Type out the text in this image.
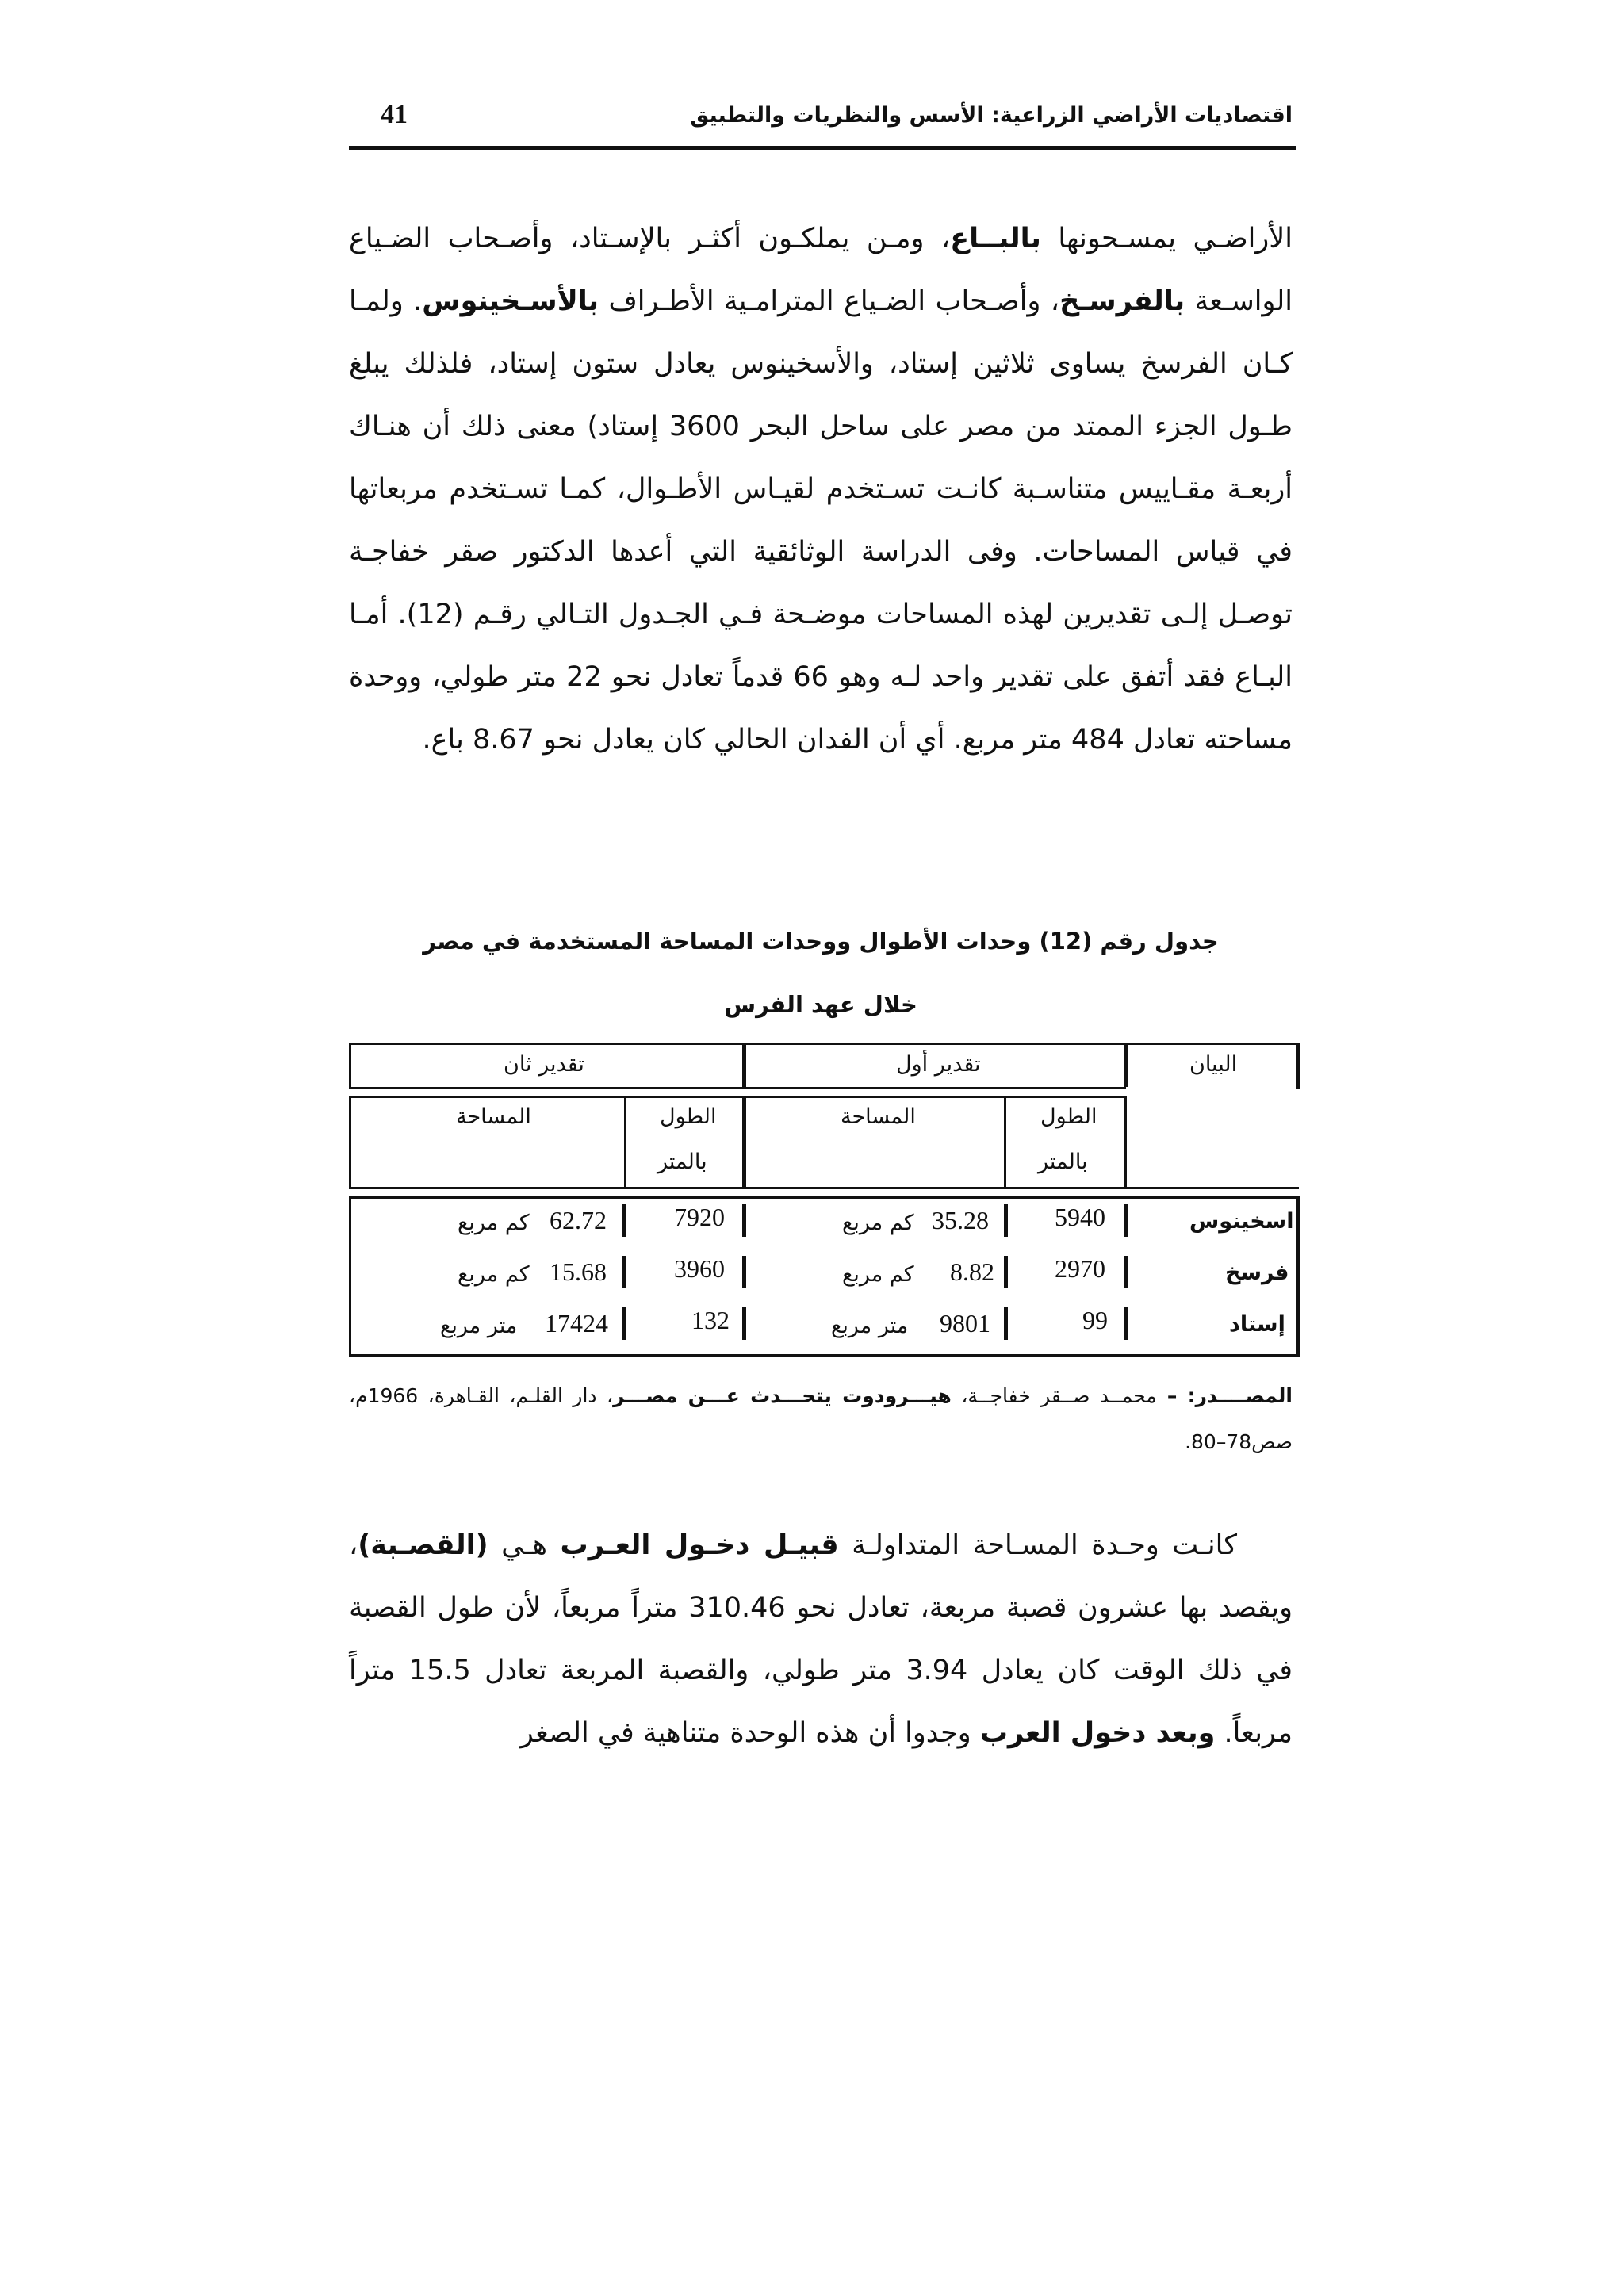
اقتصاديات الأراضي الزراعية: الأسس والنظريات والتطبيق
41
الأراضـي يمسـحونها بالبــاع، ومـن يملكـون أكثـر بالإسـتاد، وأصـحاب الضـياع الواسـعة بالفرسـخ، وأصـحاب الضـياع المترامـية الأطـراف بالأسـخينوس. ولمـا كـان الفرسخ يساوى ثلاثين إستاد، والأسخينوس يعادل ستون إستاد، فلذلك يبلغ طـول الجزء الممتد من مصر على ساحل البحر 3600 إستاد) معنى ذلك أن هنـاك أربعـة مقـاييس متناسـبة كانـت تسـتخدم لقيـاس الأطـوال، كمـا تسـتخدم مربعاتها في قياس المساحات. وفى الدراسة الوثائقية التي أعدها الدكتور صقر خفاجـة توصـل إلـى تقديرين لهذه المساحات موضـحة فـي الجـدول التـالي رقـم (12). أمـا البـاع فقد أتفق على تقدير واحد لـه وهو 66 قدماً تعادل نحو 22 متر طولي، ووحدة مساحته تعادل 484 متر مربع. أي أن الفدان الحالي كان يعادل نحو 8.67 باع.
جدول رقم (12) وحدات الأطوال ووحدات المساحة المستخدمة في مصر
خلال عهد الفرس
البيان
تقدير أول
تقدير ثان
الطول
بالمتر
المساحة
الطول
بالمتر
المساحة
اسخينوس
5940
35.28
كم مربع
7920
62.72
كم مربع
فرسخ
2970
8.82
كم مربع
3960
15.68
كم مربع
إستاد
99
9801
متر مربع
132
17424
متر مربع
المصــــدر: – محمــد صــقر خفاجــة، هيـــرودوت يتحـــدث عـــن مصـــر، دار القلـم، القـاهرة، 1966م، صص78–80.
كانـت وحـدة المسـاحة المتداولـة قبيـل دخـول العـرب هـي (القصـبة)، ويقصد بها عشرون قصبة مربعة، تعادل نحو 310.46 متراً مربعاً، لأن طول القصبة في ذلك الوقت كان يعادل 3.94 متر طولي، والقصبة المربعة تعادل 15.5 متراً مربعاً. وبعد دخول العرب وجدوا أن هذه الوحدة متناهية في الصغر
